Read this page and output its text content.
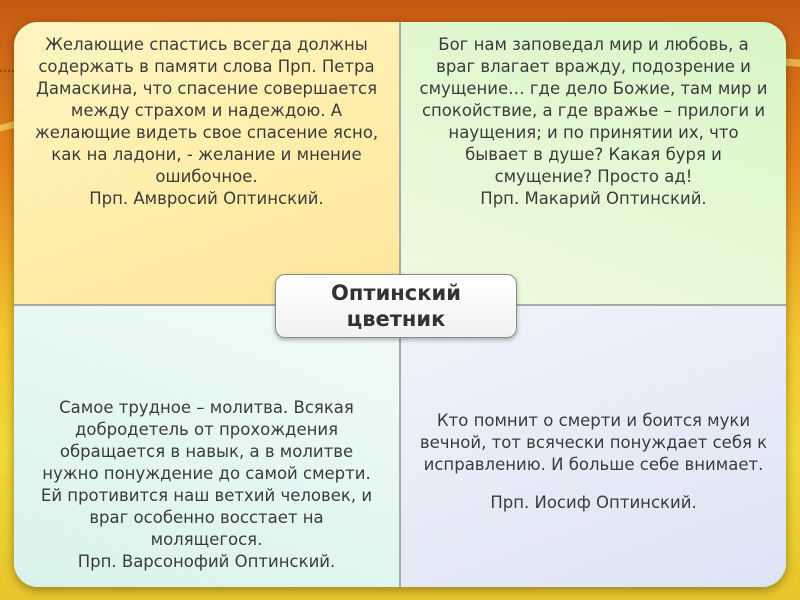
Желающие спастись всегда должны содержать в памяти слова Прп. Петра Дамаскина, что спасение совершается между страхом и надеждою. А желающие видеть свое спасение ясно, как на ладони, - желание и мнение ошибочное.
Прп. Амвросий Оптинский.
Бог нам заповедал мир и любовь, а враг влагает вражду, подозрение и смущение… где дело Божие, там мир и спокойствие, а где вражье – прилоги и наущения; и по принятии их, что бывает в душе? Какая буря и смущение? Просто ад!
Прп. Макарий Оптинский.
Самое трудное – молитва. Всякая добродетель от прохождения обращается в навык, а в молитве нужно понуждение до самой смерти. Ей противится наш ветхий человек, и враг особенно восстает на молящегося.
Прп. Варсонофий Оптинский.
Кто помнит о смерти и боится муки вечной, тот всячески понуждает себя к исправлению. И больше себе внимает.
Прп. Иосиф Оптинский.
Оптинский цветник
